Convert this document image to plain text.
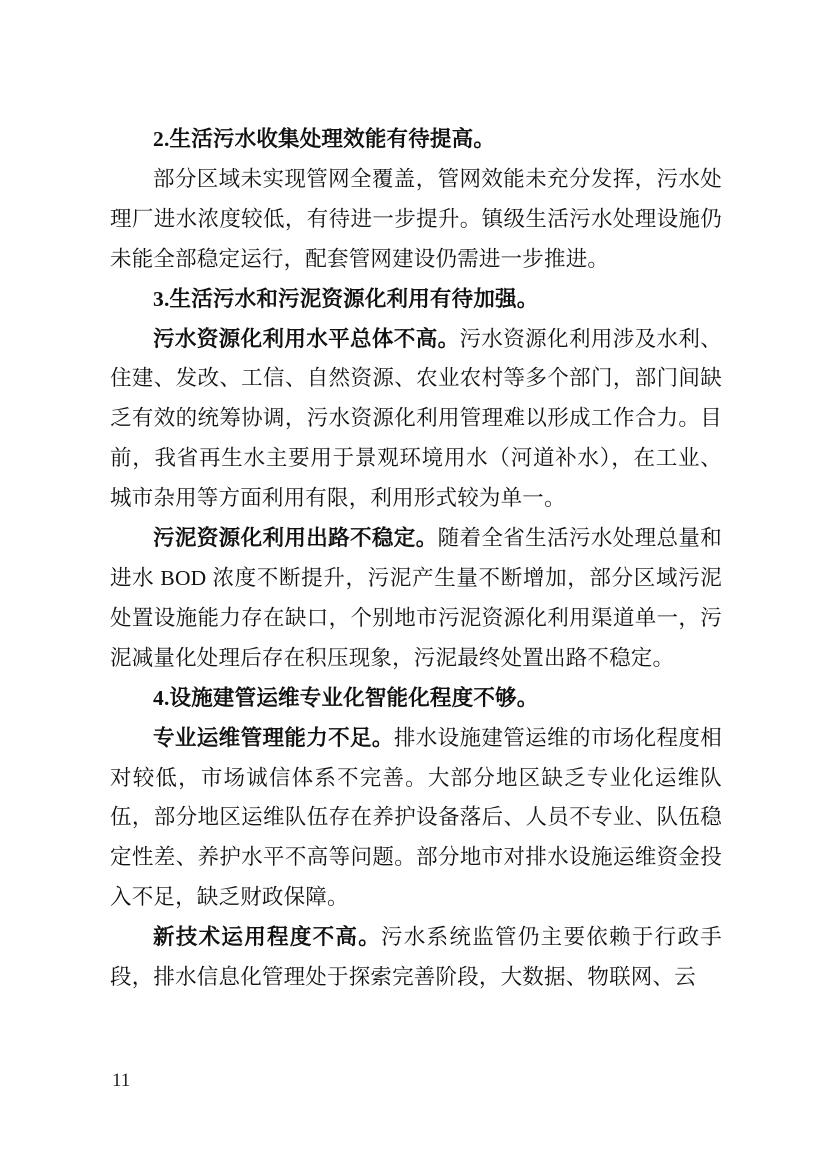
2.生活污水收集处理效能有待提高。

部分区域未实现管网全覆盖，管网效能未充分发挥，污水处理厂进水浓度较低，有待进一步提升。镇级生活污水处理设施仍未能全部稳定运行，配套管网建设仍需进一步推进。

3.生活污水和污泥资源化利用有待加强。

污水资源化利用水平总体不高。污水资源化利用涉及水利、住建、发改、工信、自然资源、农业农村等多个部门，部门间缺乏有效的统筹协调，污水资源化利用管理难以形成工作合力。目前，我省再生水主要用于景观环境用水（河道补水），在工业、城市杂用等方面利用有限，利用形式较为单一。

污泥资源化利用出路不稳定。随着全省生活污水处理总量和进水 BOD 浓度不断提升，污泥产生量不断增加，部分区域污泥处置设施能力存在缺口，个别地市污泥资源化利用渠道单一，污泥减量化处理后存在积压现象，污泥最终处置出路不稳定。

4.设施建管运维专业化智能化程度不够。

专业运维管理能力不足。排水设施建管运维的市场化程度相对较低，市场诚信体系不完善。大部分地区缺乏专业化运维队伍，部分地区运维队伍存在养护设备落后、人员不专业、队伍稳定性差、养护水平不高等问题。部分地市对排水设施运维资金投入不足，缺乏财政保障。

新技术运用程度不高。污水系统监管仍主要依赖于行政手段，排水信息化管理处于探索完善阶段，大数据、物联网、云

11
